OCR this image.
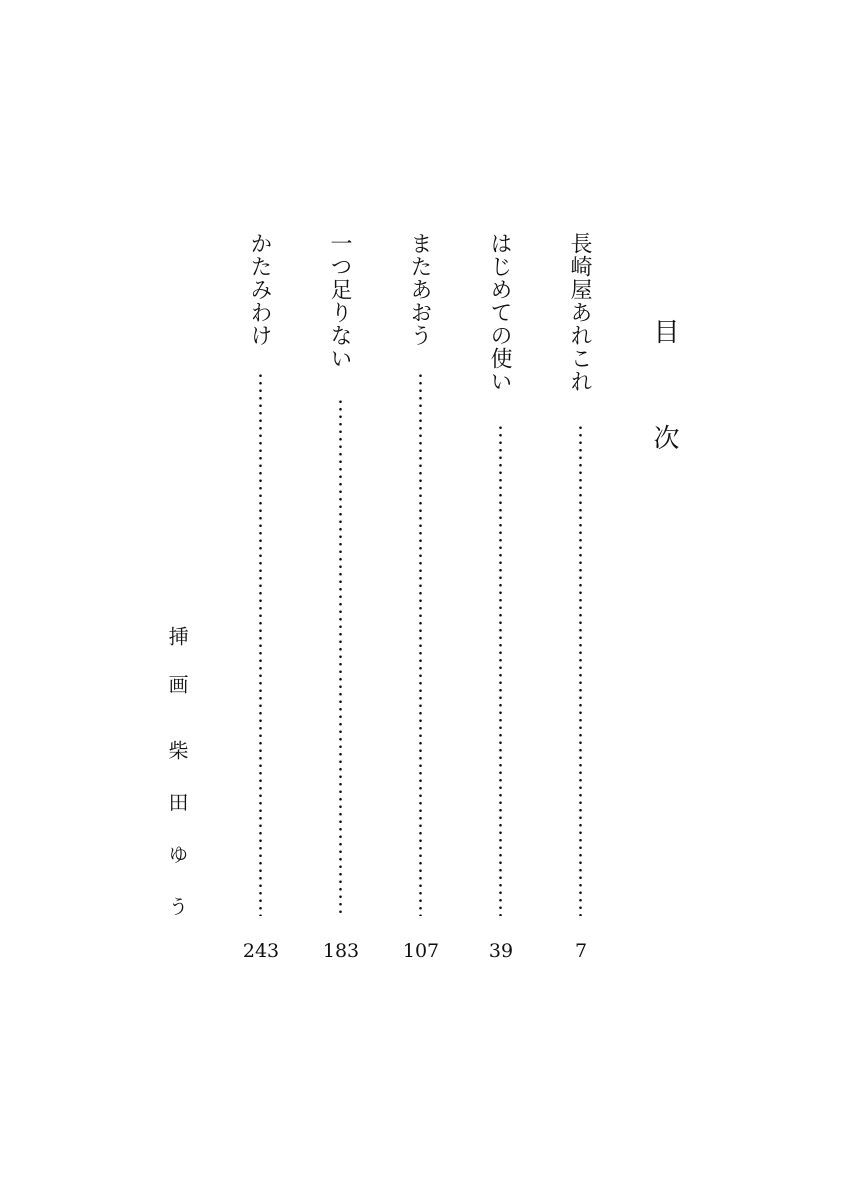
目次
長崎屋あれこれ
7
はじめての使い
39
またあおう
107
一つ足りない
183
かたみわけ
243
挿画
柴田ゆう
